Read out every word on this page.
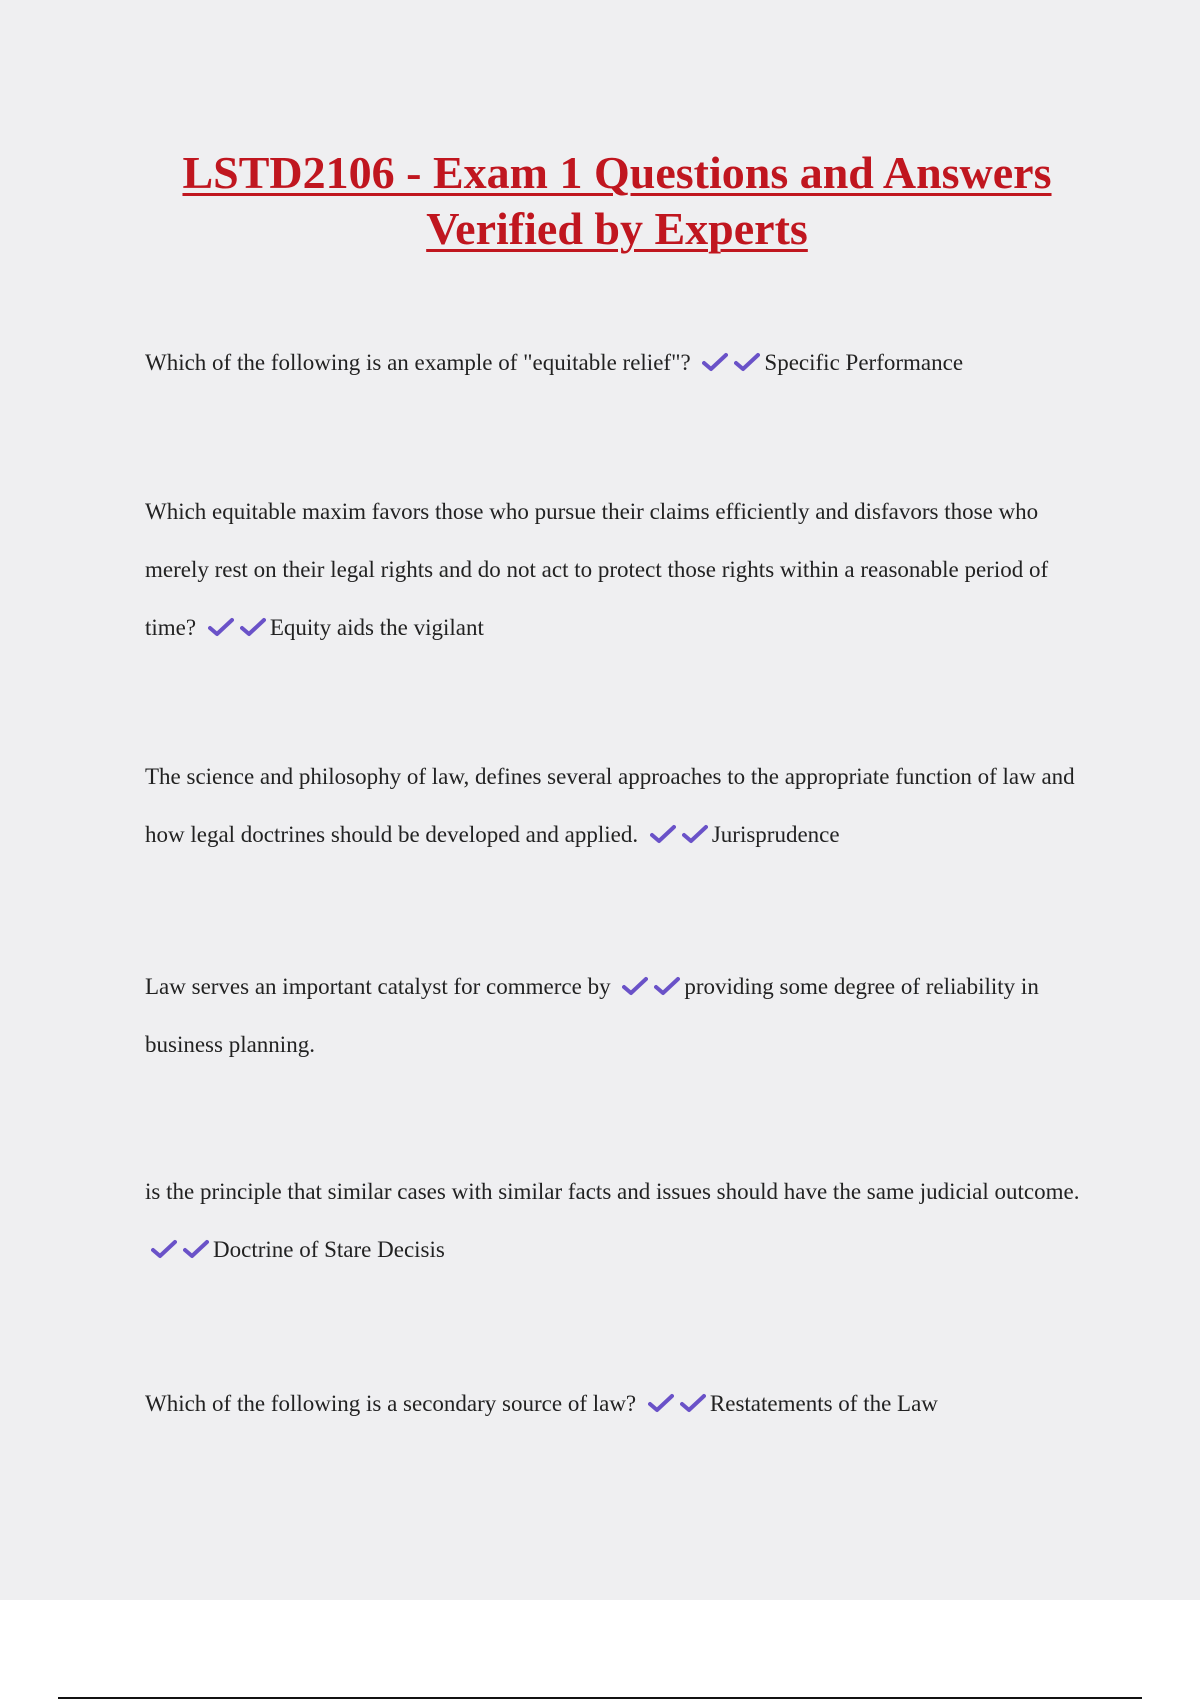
LSTD2106 - Exam 1 Questions and Answers
Verified by Experts

Which of the following is an example of "equitable relief"?	Specific Performance

Which equitable maxim favors those who pursue their claims efficiently and disfavors those who merely rest on their legal rights and do not act to protect those rights within a reasonable period of time?	Equity aids the vigilant

The science and philosophy of law, defines several approaches to the appropriate function of law and how legal doctrines should be developed and applied.	Jurisprudence

Law serves an important catalyst for commerce by	providing some degree of reliability in business planning.

is the principle that similar cases with similar facts and issues should have the same judicial outcome.
Doctrine of Stare Decisis

Which of the following is a secondary source of law?	Restatements of the Law
